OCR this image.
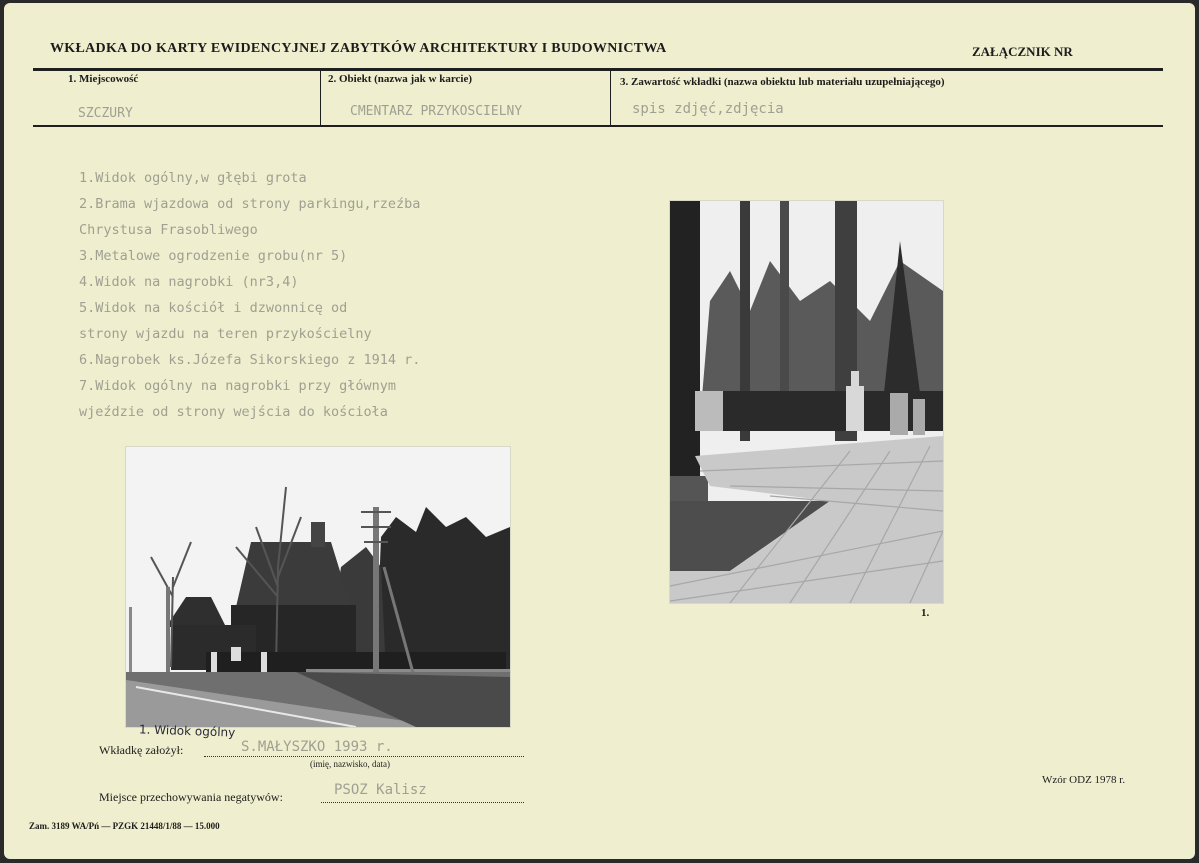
WKŁADKA DO KARTY EWIDENCYJNEJ ZABYTKÓW ARCHITEKTURY I BUDOWNICTWA	ZAŁĄCZNIK NR
1. Miejscowość
SZCZURY
2. Obiekt (nazwa jak w karcie)
CMENTARZ PRZYKOSCIELNY
3. Zawartość wkładki (nazwa obiektu lub materiału uzupełniającego)
spis zdjęć,zdjęcia
1.Widok ogólny,w głębi grota
2.Brama wjazdowa od strony parkingu,rzeźba
Chrystusa Frasobliwego
3.Metalowe ogrodzenie grobu(nr 5)
4.Widok na nagrobki (nr3,4)
5.Widok na kościół i dzwonnicę od
strony wjazdu na teren przykościelny
6.Nagrobek ks.Józefa Sikorskiego z 1914 r.
7.Widok ogólny na nagrobki przy głównym
wjeździe od strony wejścia do kościoła
1. Widok ogólny
1.
Wkładkę założył:	S.MAŁYSZKO 1993 r.
(imię, nazwisko, data)
Miejsce przechowywania negatywów:	PSOZ Kalisz
Wzór ODZ 1978 r.
Zam. 3189 WA/Pń — PZGK 21448/1/88 — 15.000
